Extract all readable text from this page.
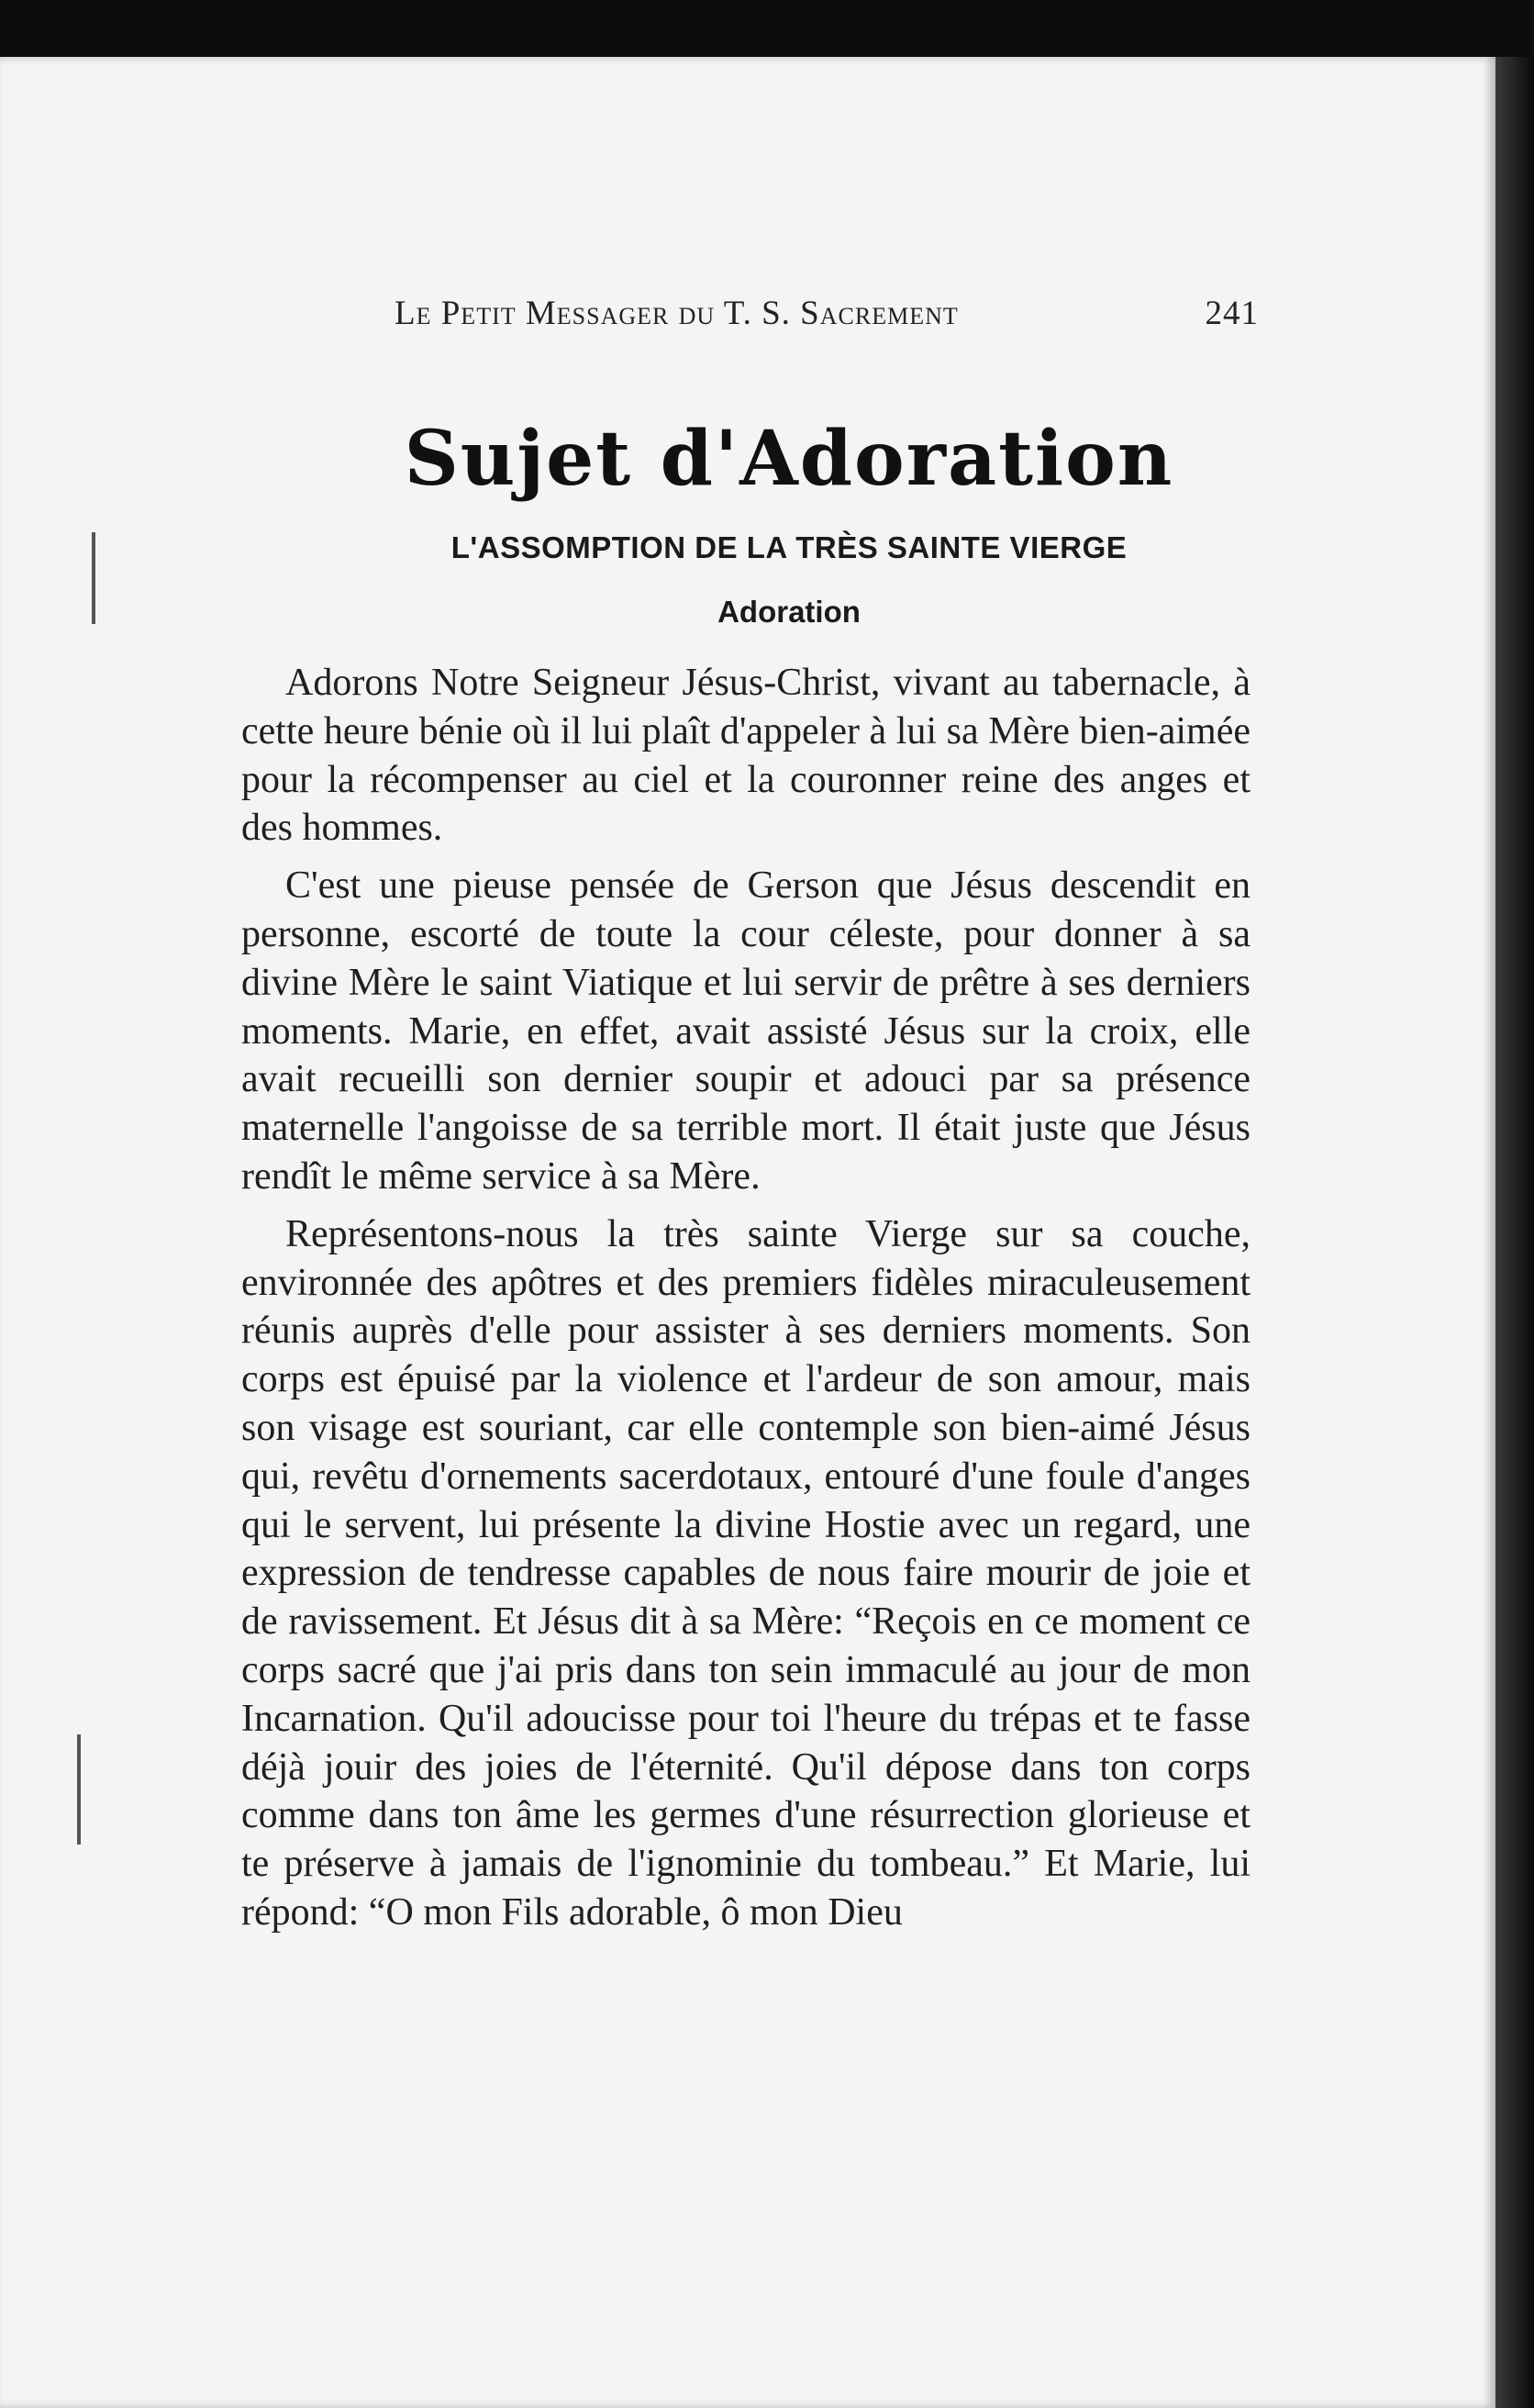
Le Petit Messager du T. S. Sacrement	241
Sujet d'Adoration
L'ASSOMPTION DE LA TRÈS SAINTE VIERGE
Adoration

Adorons Notre Seigneur Jésus-Christ, vivant au tabernacle, à cette heure bénie où il lui plaît d'appeler à lui sa Mère bien-aimée pour la récompenser au ciel et la couronner reine des anges et des hommes.

C'est une pieuse pensée de Gerson que Jésus descendit en personne, escorté de toute la cour céleste, pour donner à sa divine Mère le saint Viatique et lui servir de prêtre à ses derniers moments. Marie, en effet, avait assisté Jésus sur la croix, elle avait recueilli son dernier soupir et adouci par sa présence maternelle l'angoisse de sa terrible mort. Il était juste que Jésus rendît le même service à sa Mère.

Représentons-nous la très sainte Vierge sur sa couche, environnée des apôtres et des premiers fidèles miraculeusement réunis auprès d'elle pour assister à ses derniers moments. Son corps est épuisé par la violence et l'ardeur de son amour, mais son visage est souriant, car elle contemple son bien-aimé Jésus qui, revêtu d'ornements sacerdotaux, entouré d'une foule d'anges qui le servent, lui présente la divine Hostie avec un regard, une expression de tendresse capables de nous faire mourir de joie et de ravissement. Et Jésus dit à sa Mère: “Reçois en ce moment ce corps sacré que j'ai pris dans ton sein immaculé au jour de mon Incarnation. Qu'il adoucisse pour toi l'heure du trépas et te fasse déjà jouir des joies de l'éternité. Qu'il dépose dans ton corps comme dans ton âme les germes d'une résurrection glorieuse et te préserve à jamais de l'ignominie du tombeau.” Et Marie, lui répond: “O mon Fils adorable, ô mon Dieu
